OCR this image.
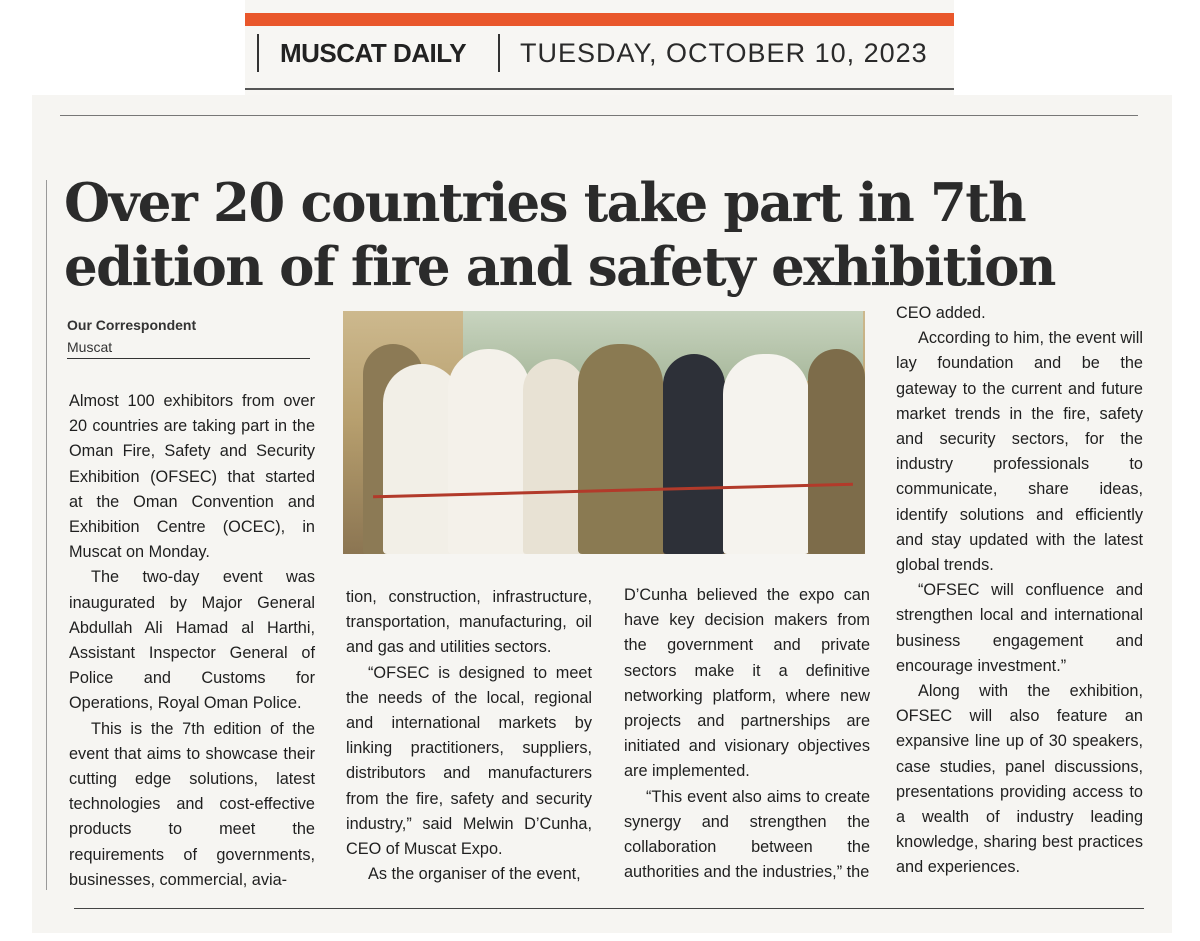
MUSCAT DAILY TUESDAY, OCTOBER 10, 2023
Over 20 countries take part in 7th edition of fire and safety exhibition
Our Correspondent
Muscat

Almost 100 exhibitors from over 20 countries are taking part in the Oman Fire, Safety and Security Exhibition (OFSEC) that started at the Oman Convention and Exhibition Centre (OCEC), in Muscat on Monday.

The two-day event was inaugurated by Major General Abdullah Ali Hamad al Harthi, Assistant Inspector General of Police and Customs for Operations, Royal Oman Police.

This is the 7th edition of the event that aims to showcase their cutting edge solutions, latest technologies and cost-effective products to meet the requirements of governments, businesses, commercial, avia-

tion, construction, infrastructure, transportation, manufacturing, oil and gas and utilities sectors.

“OFSEC is designed to meet the needs of the local, regional and international markets by linking practitioners, suppliers, distributors and manufacturers from the fire, safety and security industry,” said Melwin D’Cunha, CEO of Muscat Expo.

As the organiser of the event,

D’Cunha believed the expo can have key decision makers from the government and private sectors make it a definitive networking platform, where new projects and partnerships are initiated and visionary objectives are implemented.

“This event also aims to create synergy and strengthen the collaboration between the authorities and the industries,” the

CEO added.

According to him, the event will lay foundation and be the gateway to the current and future market trends in the fire, safety and security sectors, for the industry professionals to communicate, share ideas, identify solutions and efficiently and stay updated with the latest global trends.

“OFSEC will confluence and strengthen local and international business engagement and encourage investment.”

Along with the exhibition, OFSEC will also feature an expansive line up of 30 speakers, case studies, panel discussions, presentations providing access to a wealth of industry leading knowledge, sharing best practices and experiences.
